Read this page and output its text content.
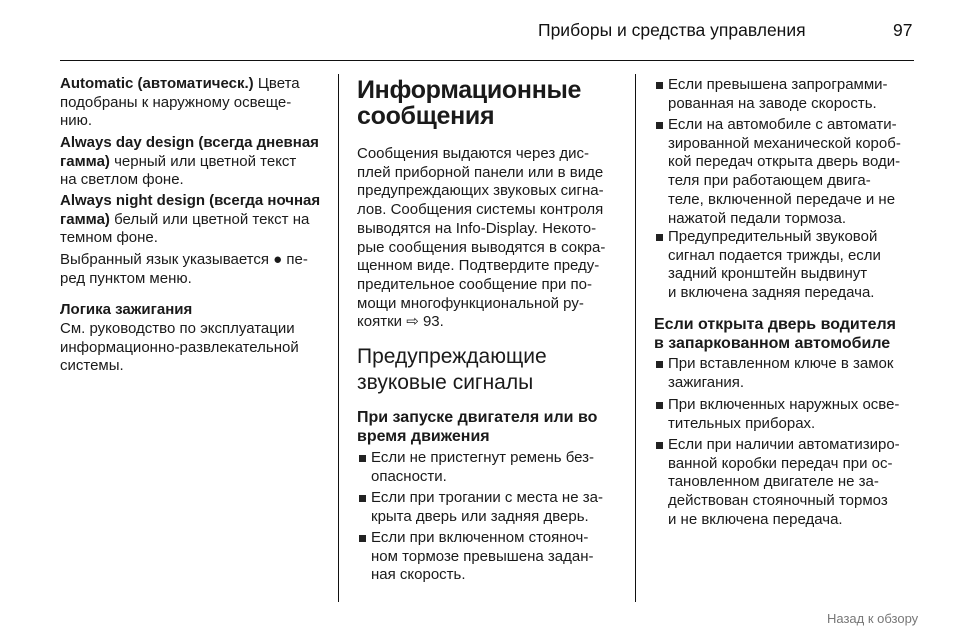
Приборы и средства управления	97
Automatic (автоматическ.) Цвета
подобраны к наружному освеще-
нию.
Always day design (всегда дневная
гамма) черный или цветной текст
на светлом фоне.
Always night design (всегда ночная
гамма) белый или цветной текст на
темном фоне.
Выбранный язык указывается ● пе-
ред пунктом меню.
Логика зажигания
См. руководство по эксплуатации
информационно-развлекательной
системы.
Информационные
сообщения
Сообщения выдаются через дис-
плей приборной панели или в виде
предупреждающих звуковых сигна-
лов. Сообщения системы контроля
выводятся на Info-Display. Некото-
рые сообщения выводятся в сокра-
щенном виде. Подтвердите преду-
предительное сообщение при по-
мощи многофункциональной ру-
коятки ⇨ 93.
Предупреждающие
звуковые сигналы
При запуске двигателя или во
время движения
Если не пристегнут ремень без-
опасности.
Если при трогании с места не за-
крыта дверь или задняя дверь.
Если при включенном стояноч-
ном тормозе превышена задан-
ная скорость.
Если превышена запрограмми-
рованная на заводе скорость.
Если на автомобиле с автомати-
зированной механической короб-
кой передач открыта дверь води-
теля при работающем двига-
теле, включенной передаче и не
нажатой педали тормоза.
Предупредительный звуковой
сигнал подается трижды, если
задний кронштейн выдвинут
и включена задняя передача.
Если открыта дверь водителя
в запаркованном автомобиле
При вставленном ключе в замок
зажигания.
При включенных наружных осве-
тительных приборах.
Если при наличии автоматизиро-
ванной коробки передач при ос-
тановленном двигателе не за-
действован стояночный тормоз
и не включена передача.
Назад к обзору
